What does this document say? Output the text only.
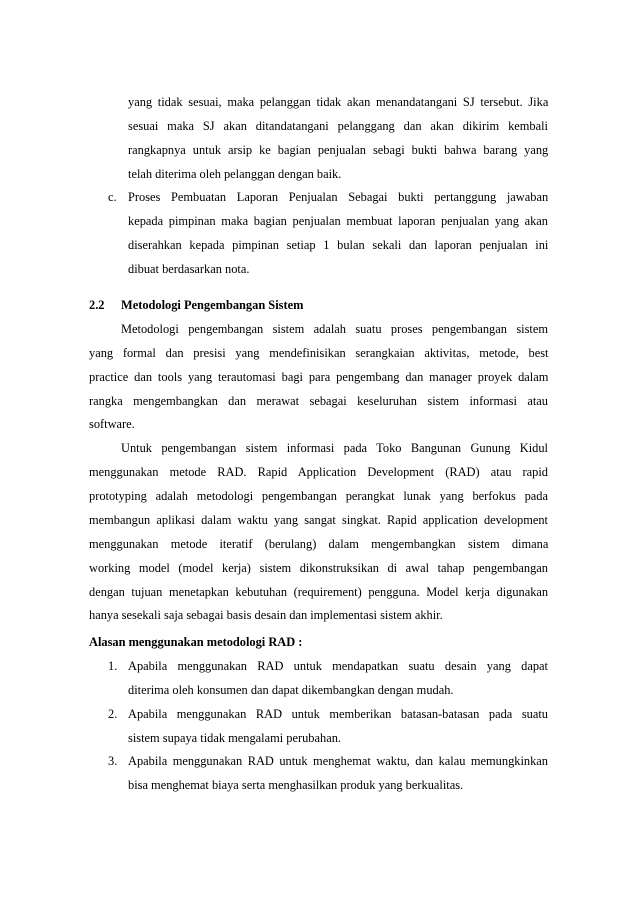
yang tidak sesuai, maka pelanggan tidak akan menandatangani SJ tersebut. Jika
sesuai maka SJ akan ditandatangani pelanggang dan akan dikirim kembali
rangkapnya untuk arsip ke bagian penjualan sebagi bukti bahwa barang yang
telah diterima oleh pelanggan dengan baik.
c. Proses Pembuatan Laporan Penjualan Sebagai bukti pertanggung jawaban
kepada pimpinan maka bagian penjualan membuat laporan penjualan yang akan
diserahkan kepada pimpinan setiap 1 bulan sekali dan laporan penjualan ini
dibuat berdasarkan nota.
2.2 Metodologi Pengembangan Sistem
Metodologi pengembangan sistem adalah suatu proses pengembangan sistem
yang formal dan presisi yang mendefinisikan serangkaian aktivitas, metode, best
practice dan tools yang terautomasi bagi para pengembang dan manager proyek dalam
rangka mengembangkan dan merawat sebagai keseluruhan sistem informasi atau
software.
Untuk pengembangan sistem informasi pada Toko Bangunan Gunung Kidul
menggunakan metode RAD. Rapid Application Development (RAD) atau rapid
prototyping adalah metodologi pengembangan perangkat lunak yang berfokus pada
membangun aplikasi dalam waktu yang sangat singkat. Rapid application development
menggunakan metode iteratif (berulang) dalam mengembangkan sistem dimana
working model (model kerja) sistem dikonstruksikan di awal tahap pengembangan
dengan tujuan menetapkan kebutuhan (requirement) pengguna. Model kerja digunakan
hanya sesekali saja sebagai basis desain dan implementasi sistem akhir.
Alasan menggunakan metodologi RAD :
1. Apabila menggunakan RAD untuk mendapatkan suatu desain yang dapat
diterima oleh konsumen dan dapat dikembangkan dengan mudah.
2. Apabila menggunakan RAD untuk memberikan batasan-batasan pada suatu
sistem supaya tidak mengalami perubahan.
3. Apabila menggunakan RAD untuk menghemat waktu, dan kalau memungkinkan
bisa menghemat biaya serta menghasilkan produk yang berkualitas.
